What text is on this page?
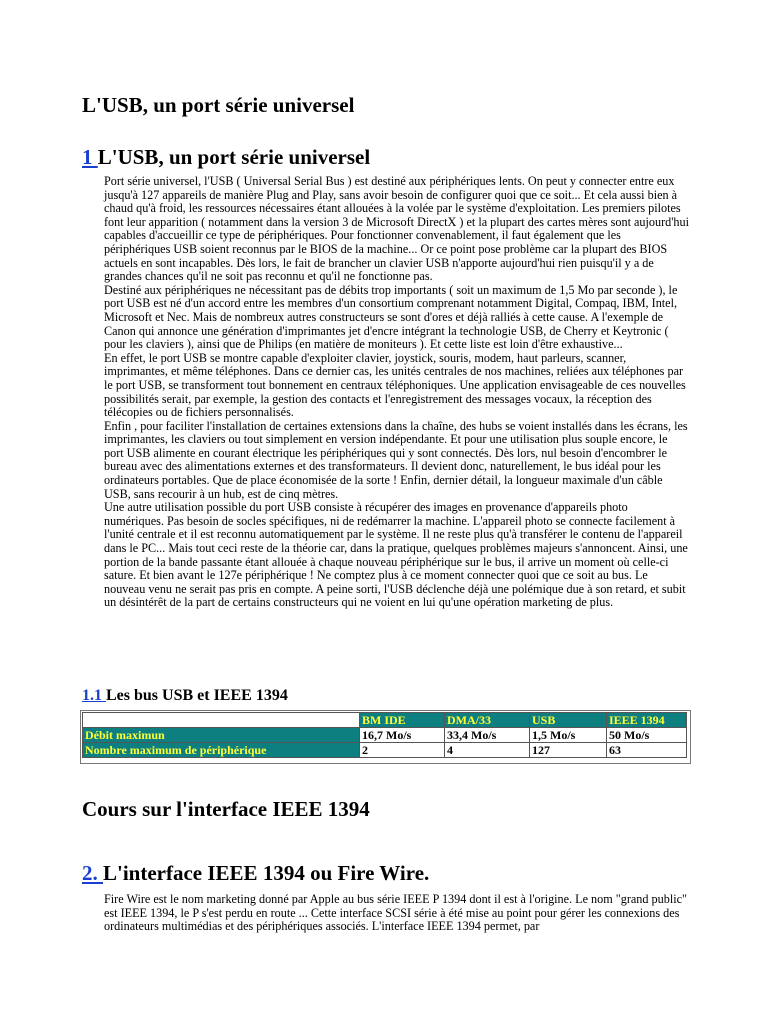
L'USB, un port série universel
1 L'USB, un port série universel

Port série universel, l'USB ( Universal Serial Bus ) est destiné aux périphériques lents. On peut y connecter entre eux jusqu'à 127 appareils de manière Plug and Play, sans avoir besoin de configurer quoi que ce soit... Et cela aussi bien à chaud qu'à froid, les ressources nécessaires étant allouées à la volée par le système d'exploitation. Les premiers pilotes font leur apparition ( notamment dans la version 3 de Microsoft DirectX ) et la plupart des cartes mères sont aujourd'hui capables d'accueillir ce type de périphériques. Pour fonctionner convenablement, il faut également que les périphériques USB soient reconnus par le BIOS de la machine... Or ce point pose problème car la plupart des BIOS actuels en sont incapables. Dès lors, le fait de brancher un clavier USB n'apporte aujourd'hui rien puisqu'il y a de grandes chances qu'il ne soit pas reconnu et qu'il ne fonctionne pas.

Destiné aux périphériques ne nécessitant pas de débits trop importants ( soit un maximum de 1,5 Mo par seconde ), le port USB est né d'un accord entre les membres d'un consortium comprenant notamment Digital, Compaq, IBM, Intel, Microsoft et Nec. Mais de nombreux autres constructeurs se sont d'ores et déjà ralliés à cette cause. A l'exemple de Canon qui annonce une génération d'imprimantes jet d'encre intégrant la technologie USB, de Cherry et Keytronic ( pour les claviers ), ainsi que de Philips (en matière de moniteurs ). Et cette liste est loin d'être exhaustive...

En effet, le port USB se montre capable d'exploiter clavier, joystick, souris, modem, haut parleurs, scanner, imprimantes, et même téléphones. Dans ce dernier cas, les unités centrales de nos machines, reliées aux téléphones par le port USB, se transforment tout bonnement en centraux téléphoniques. Une application envisageable de ces nouvelles possibilités serait, par exemple, la gestion des contacts et l'enregistrement des messages vocaux, la réception des télécopies ou de fichiers personnalisés.

Enfin , pour faciliter l'installation de certaines extensions dans la chaîne, des hubs se voient installés dans les écrans, les imprimantes, les claviers ou tout simplement en version indépendante. Et pour une utilisation plus souple encore, le port USB alimente en courant électrique les périphériques qui y sont connectés. Dès lors, nul besoin d'encombrer le bureau avec des alimentations externes et des transformateurs. Il devient donc, naturellement, le bus idéal pour les ordinateurs portables. Que de place économisée de la sorte ! Enfin, dernier détail, la longueur maximale d'un câble USB, sans recourir à un hub, est de cinq mètres.

Une autre utilisation possible du port USB consiste à récupérer des images en provenance d'appareils photo numériques. Pas besoin de socles spécifiques, ni de redémarrer la machine. L'appareil photo se connecte facilement à l'unité centrale et il est reconnu automatiquement par le système. Il ne reste plus qu'à transférer le contenu de l'appareil dans le PC... Mais tout ceci reste de la théorie car, dans la pratique, quelques problèmes majeurs s'annoncent. Ainsi, une portion de la bande passante étant allouée à chaque nouveau périphérique sur le bus, il arrive un moment où celle-ci sature. Et bien avant le 127e périphérique ! Ne comptez plus à ce moment connecter quoi que ce soit au bus. Le nouveau venu ne serait pas pris en compte. A peine sorti, l'USB déclenche déjà une polémique due à son retard, et subit un désintérêt de la part de certains constructeurs qui ne voient en lui qu'une opération marketing de plus.

1.1 Les bus USB et IEEE 1394
	BM IDE	DMA/33	USB	IEEE 1394
Débit maximun	16,7 Mo/s	33,4 Mo/s	1,5 Mo/s	50 Mo/s
Nombre maximum de périphérique	2	4	127	63
Cours sur l'interface IEEE 1394
2. L'interface IEEE 1394 ou Fire Wire.

Fire Wire est le nom marketing donné par Apple au bus série IEEE P 1394 dont il est à l'origine. Le nom "grand public" est IEEE 1394, le P s'est perdu en route ... Cette interface SCSI série à été mise au point pour gérer les connexions des ordinateurs multimédias et des périphériques associés. L'interface IEEE 1394 permet, par
